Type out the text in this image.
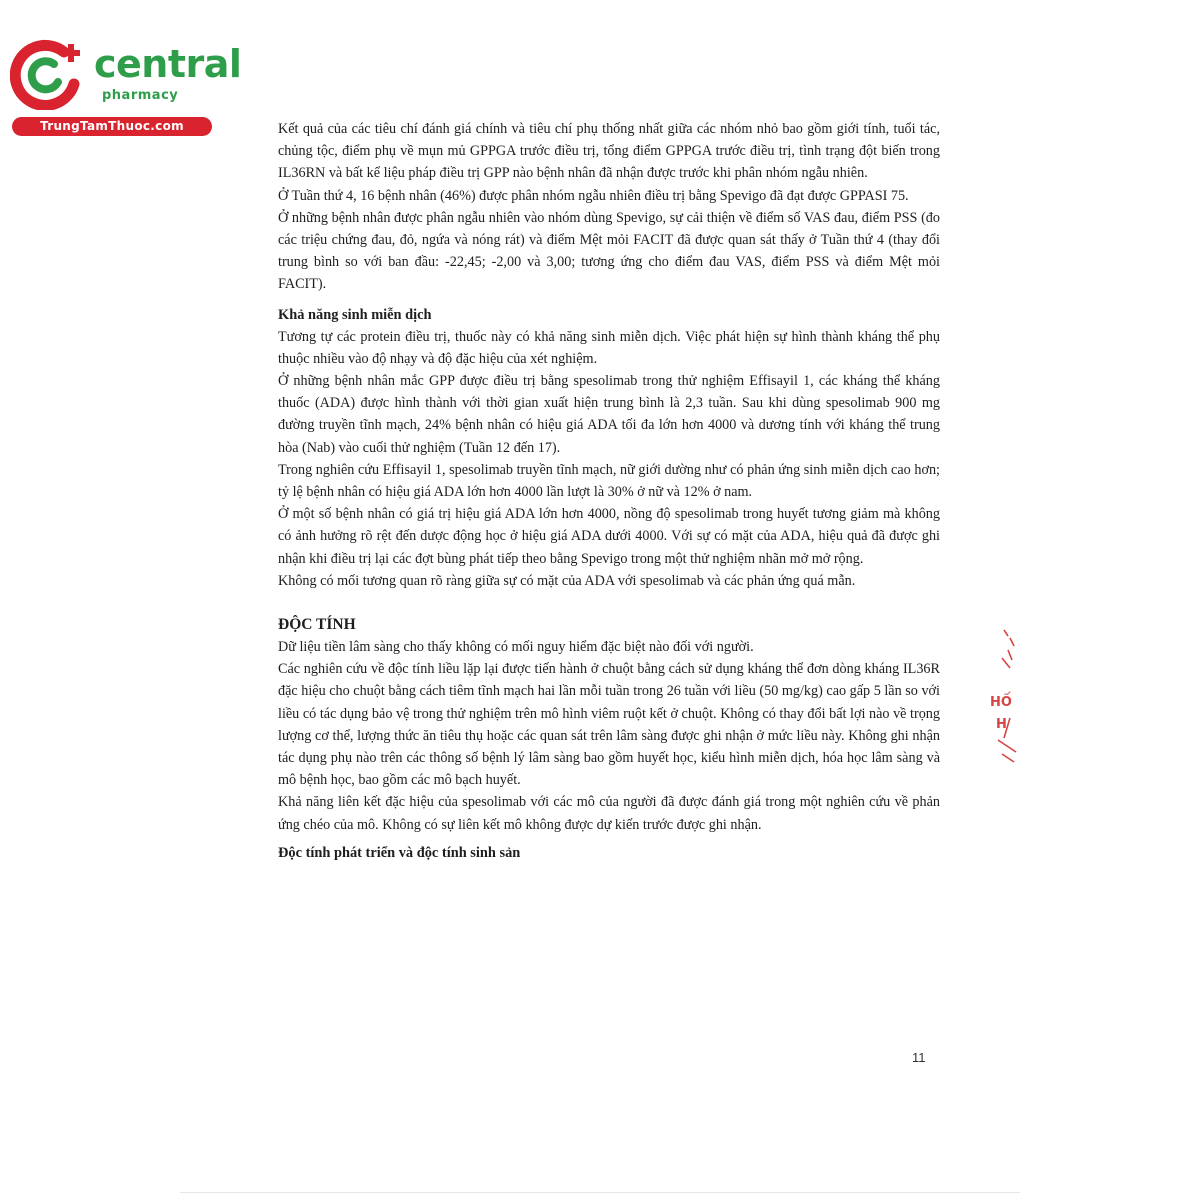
central
pharmacy
TrungTamThuoc.com	Kết quả của các tiêu chí đánh giá chính và tiêu chí phụ thống nhất giữa các nhóm nhỏ bao gồm giới tính, tuổi tác, chủng tộc, điểm phụ về mụn mủ GPPGA trước điều trị, tổng điểm GPPGA trước điều trị, tình trạng đột biến trong IL36RN và bất kể liệu pháp điều trị GPP nào bệnh nhân đã nhận được trước khi phân nhóm ngẫu nhiên.

Ở Tuần thứ 4, 16 bệnh nhân (46%) được phân nhóm ngẫu nhiên điều trị bằng Spevigo đã đạt được GPPASI 75.

Ở những bệnh nhân được phân ngẫu nhiên vào nhóm dùng Spevigo, sự cải thiện về điểm số VAS đau, điểm PSS (đo các triệu chứng đau, đỏ, ngứa và nóng rát) và điểm Mệt mỏi FACIT đã được quan sát thấy ở Tuần thứ 4 (thay đổi trung bình so với ban đầu: -22,45; -2,00 và 3,00; tương ứng cho điểm đau VAS, điểm PSS và điểm Mệt mỏi FACIT).

Khả năng sinh miễn dịch

Tương tự các protein điều trị, thuốc này có khả năng sinh miễn dịch. Việc phát hiện sự hình thành kháng thể phụ thuộc nhiều vào độ nhạy và độ đặc hiệu của xét nghiệm.

Ở những bệnh nhân mắc GPP được điều trị bằng spesolimab trong thử nghiệm Effisayil 1, các kháng thể kháng thuốc (ADA) được hình thành với thời gian xuất hiện trung bình là 2,3 tuần. Sau khi dùng spesolimab 900 mg đường truyền tĩnh mạch, 24% bệnh nhân có hiệu giá ADA tối đa lớn hơn 4000 và dương tính với kháng thể trung hòa (Nab) vào cuối thử nghiệm (Tuần 12 đến 17).

Trong nghiên cứu Effisayil 1, spesolimab truyền tĩnh mạch, nữ giới dường như có phản ứng sinh miễn dịch cao hơn; tỷ lệ bệnh nhân có hiệu giá ADA lớn hơn 4000 lần lượt là 30% ở nữ và 12% ở nam.

Ở một số bệnh nhân có giá trị hiệu giá ADA lớn hơn 4000, nồng độ spesolimab trong huyết tương giảm mà không có ảnh hưởng rõ rệt đến dược động học ở hiệu giá ADA dưới 4000. Với sự có mặt của ADA, hiệu quả đã được ghi nhận khi điều trị lại các đợt bùng phát tiếp theo bằng Spevigo trong một thử nghiệm nhãn mở mở rộng.

Không có mối tương quan rõ ràng giữa sự có mặt của ADA với spesolimab và các phản ứng quá mẫn.

ĐỘC TÍNH

Dữ liệu tiền lâm sàng cho thấy không có mối nguy hiểm đặc biệt nào đối với người.

Các nghiên cứu về độc tính liều lặp lại được tiến hành ở chuột bằng cách sử dụng kháng thể đơn dòng kháng IL36R đặc hiệu cho chuột bằng cách tiêm tĩnh mạch hai lần mỗi tuần trong 26 tuần với liều (50 mg/kg) cao gấp 5 lần so với liều có tác dụng bảo vệ trong thử nghiệm trên mô hình viêm ruột kết ở chuột. Không có thay đổi bất lợi nào về trọng lượng cơ thể, lượng thức ăn tiêu thụ hoặc các quan sát trên lâm sàng được ghi nhận ở mức liều này. Không ghi nhận tác dụng phụ nào trên các thông số bệnh lý lâm sàng bao gồm huyết học, kiểu hình miễn dịch, hóa học lâm sàng và mô bệnh học, bao gồm các mô bạch huyết.

Khả năng liên kết đặc hiệu của spesolimab với các mô của người đã được đánh giá trong một nghiên cứu về phản ứng chéo của mô. Không có sự liên kết mô không được dự kiến trước được ghi nhận.

Độc tính phát triển và độc tính sinh sản
HỐ
H
11
